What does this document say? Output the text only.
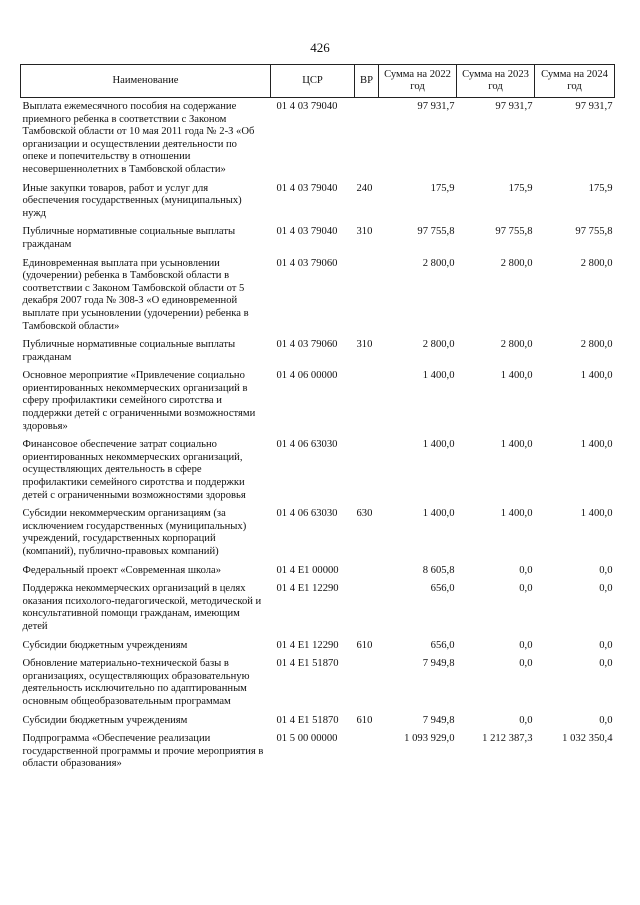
426
Наименование	ЦСР	ВР	Сумма на 2022 год	Сумма на 2023 год	Сумма на 2024 год
Выплата ежемесячного пособия на содержание приемного ребенка в соответствии с Законом Тамбовской области от 10 мая 2011 года № 2-З «Об организации и осуществлении деятельности по опеке и попечительству в отношении несовершеннолетних в Тамбовской области»	01 4 03 79040		97 931,7	97 931,7	97 931,7
Иные закупки товаров, работ и услуг для обеспечения государственных (муниципальных) нужд	01 4 03 79040	240	175,9	175,9	175,9
Публичные нормативные социальные выплаты гражданам	01 4 03 79040	310	97 755,8	97 755,8	97 755,8
Единовременная выплата при усыновлении (удочерении) ребенка в Тамбовской области в соответствии с Законом Тамбовской области от 5 декабря 2007 года № 308-З «О единовременной выплате при усыновлении (удочерении) ребенка в Тамбовской области»	01 4 03 79060		2 800,0	2 800,0	2 800,0
Публичные нормативные социальные выплаты гражданам	01 4 03 79060	310	2 800,0	2 800,0	2 800,0
Основное мероприятие «Привлечение социально ориентированных некоммерческих организаций в сферу профилактики семейного сиротства и поддержки детей с ограниченными возможностями здоровья»	01 4 06 00000		1 400,0	1 400,0	1 400,0
Финансовое обеспечение затрат социально ориентированных некоммерческих организаций, осуществляющих деятельность в сфере профилактики семейного сиротства и поддержки детей с ограниченными возможностями здоровья	01 4 06 63030		1 400,0	1 400,0	1 400,0
Субсидии некоммерческим организациям (за исключением государственных (муниципальных) учреждений, государственных корпораций (компаний), публично-правовых компаний)	01 4 06 63030	630	1 400,0	1 400,0	1 400,0
Федеральный проект «Современная школа»	01 4 E1 00000		8 605,8	0,0	0,0
Поддержка некоммерческих организаций в целях оказания психолого-педагогической, методической и консультативной помощи гражданам, имеющим детей	01 4 E1 12290		656,0	0,0	0,0
Субсидии бюджетным учреждениям	01 4 E1 12290	610	656,0	0,0	0,0
Обновление материально-технической базы в организациях, осуществляющих образовательную деятельность исключительно по адаптированным основным общеобразовательным программам	01 4 E1 51870		7 949,8	0,0	0,0
Субсидии бюджетным учреждениям	01 4 E1 51870	610	7 949,8	0,0	0,0
Подпрограмма «Обеспечение реализации государственной программы и прочие мероприятия в области образования»	01 5 00 00000		1 093 929,0	1 212 387,3	1 032 350,4
